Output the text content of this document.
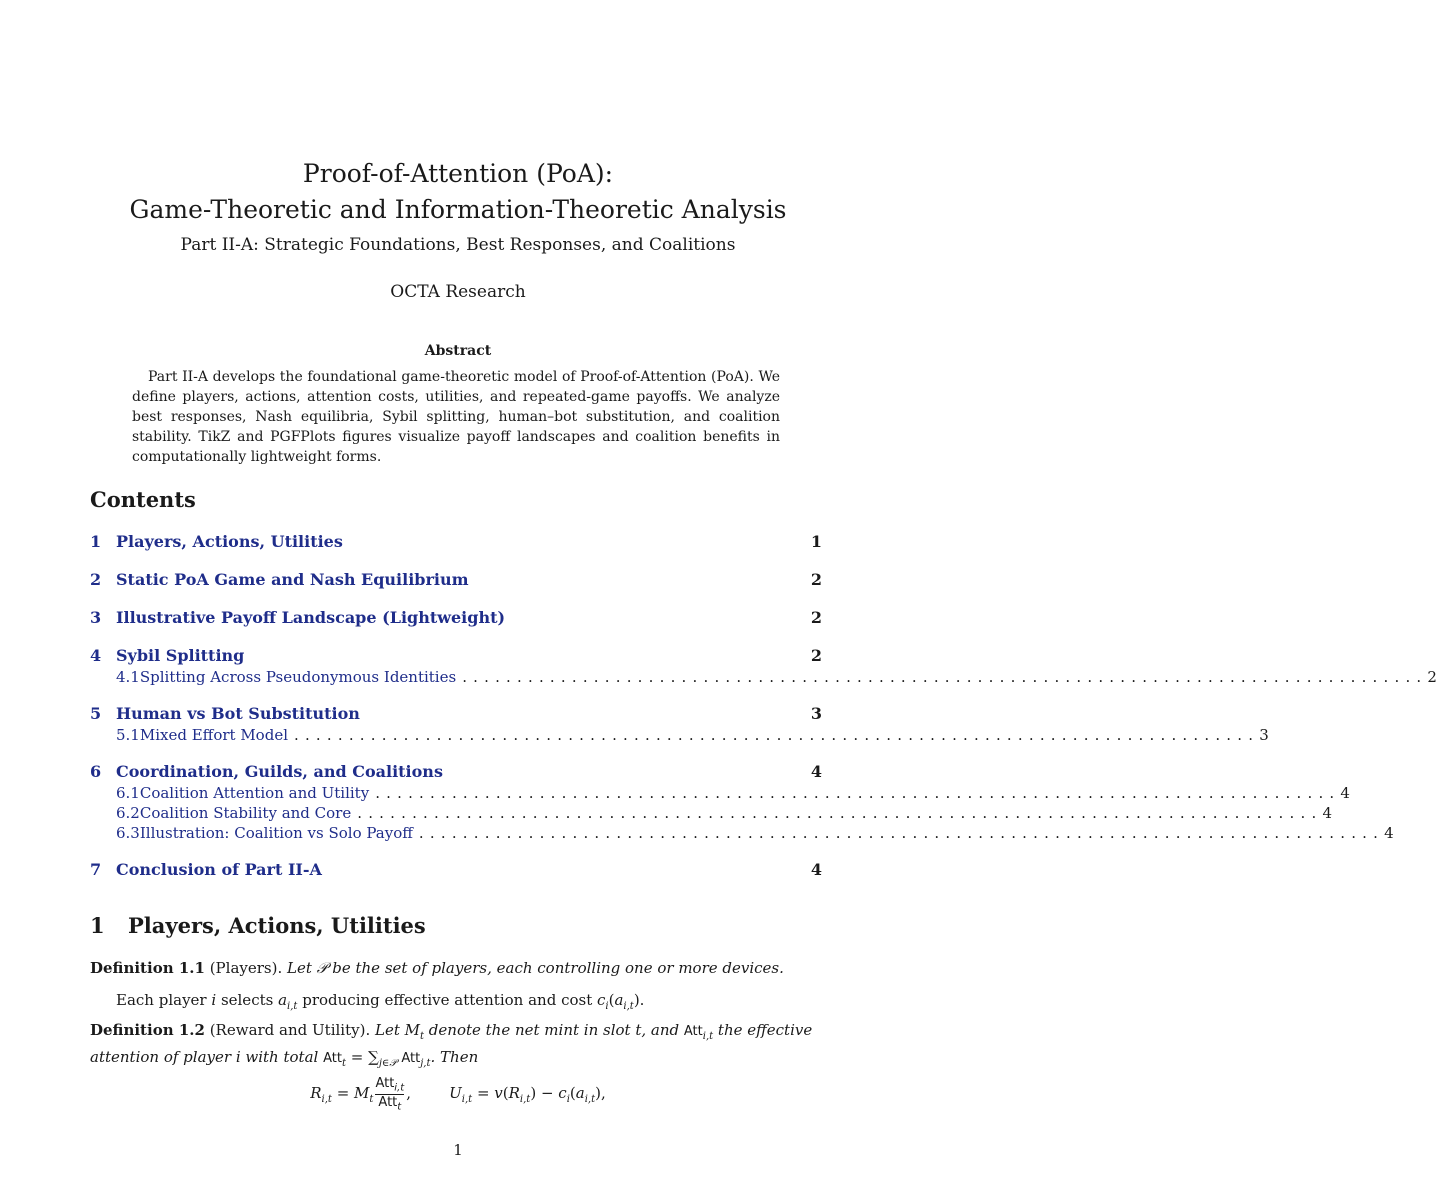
Proof-of-Attention (PoA):
Game-Theoretic and Information-Theoretic Analysis
Part II-A: Strategic Foundations, Best Responses, and Coalitions
OCTA Research
Abstract
Part II-A develops the foundational game-theoretic model of Proof-of-Attention (PoA). We define players, actions, attention costs, utilities, and repeated-game payoffs. We analyze best responses, Nash equilibria, Sybil splitting, human–bot substitution, and coalition stability. TikZ and PGFPlots figures visualize payoff landscapes and coalition benefits in computationally lightweight forms.
Contents
1 Players, Actions, Utilities	1
2 Static PoA Game and Nash Equilibrium	2
3 Illustrative Payoff Landscape (Lightweight)	2
4 Sybil Splitting	2
4.1 Splitting Across Pseudonymous Identities ........................................................................................ 2
5 Human vs Bot Substitution	3
5.1 Mixed Effort Model ........................................................................................ 3
6 Coordination, Guilds, and Coalitions	4
6.1 Coalition Attention and Utility ........................................................................................ 4
6.2 Coalition Stability and Core ........................................................................................ 4
6.3 Illustration: Coalition vs Solo Payoff ........................................................................................ 4
7 Conclusion of Part II-A	4
1 Players, Actions, Utilities
Definition 1.1 (Players). Let 𝒫 be the set of players, each controlling one or more devices.
Each player i selects $a_{i,t}$ producing effective attention and cost $c_i(a_{i,t})$.
Definition 1.2 (Reward and Utility). Let $M_t$ denote the net mint in slot t, and Att$_{i,t}$ the effective attention of player i with total $Att_t = \sum_{j\in 𝒫}$ Att$_{j,t}$. Then
$R_{i,t} = M_t \frac{Att_{i,t}}{Att_t}$ ,        $U_{i,t} = v(R_{i,t}) - c_i(a_{i,t})$,
1
